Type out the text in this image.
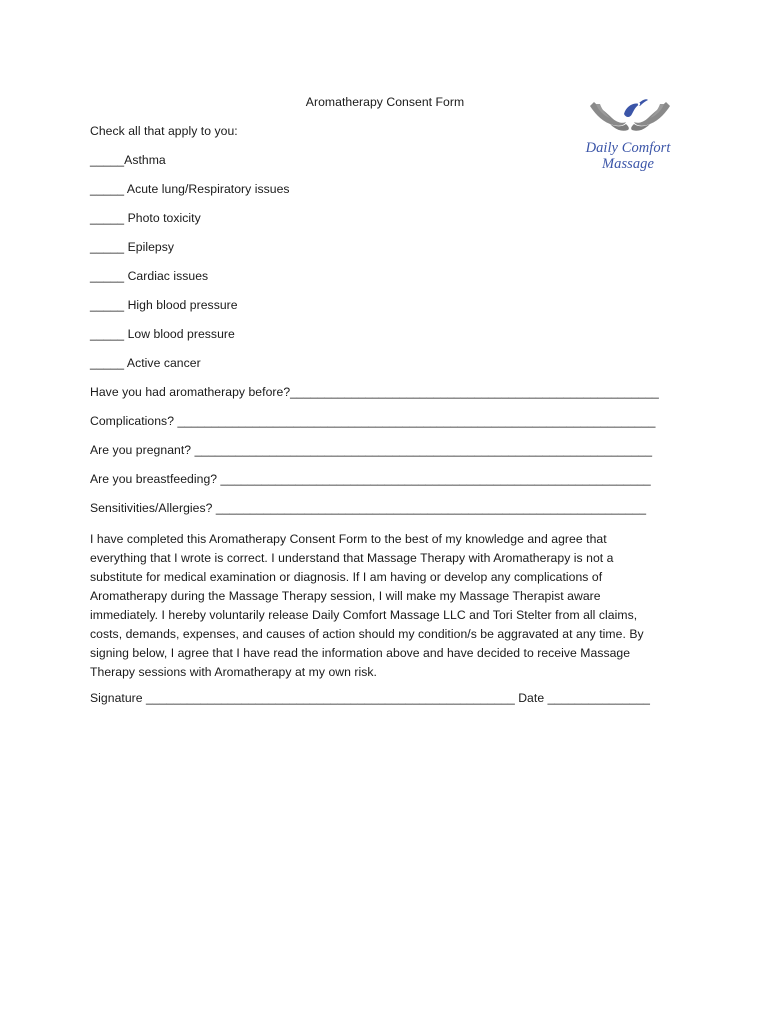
Aromatherapy Consent Form
Daily Comfort
Massage
Check all that apply to you:
_____Asthma
_____ Acute lung/Respiratory issues
_____ Photo toxicity
_____ Epilepsy
_____ Cardiac issues
_____ High blood pressure
_____ Low blood pressure
_____ Active cancer
Have you had aromatherapy before?______________________________________________________
Complications? ______________________________________________________________________
Are you pregnant? ___________________________________________________________________
Are you breastfeeding? _______________________________________________________________
Sensitivities/Allergies? _______________________________________________________________
I have completed this Aromatherapy Consent Form to the best of my knowledge and agree that everything that I wrote is correct. I understand that Massage Therapy with Aromatherapy is not a substitute for medical examination or diagnosis. If I am having or develop any complications of Aromatherapy during the Massage Therapy session, I will make my Massage Therapist aware immediately. I hereby voluntarily release Daily Comfort Massage LLC and Tori Stelter from all claims, costs, demands, expenses, and causes of action should my condition/s be aggravated at any time. By signing below, I agree that I have read the information above and have decided to receive Massage Therapy sessions with Aromatherapy at my own risk.
Signature ______________________________________________________ Date _______________
